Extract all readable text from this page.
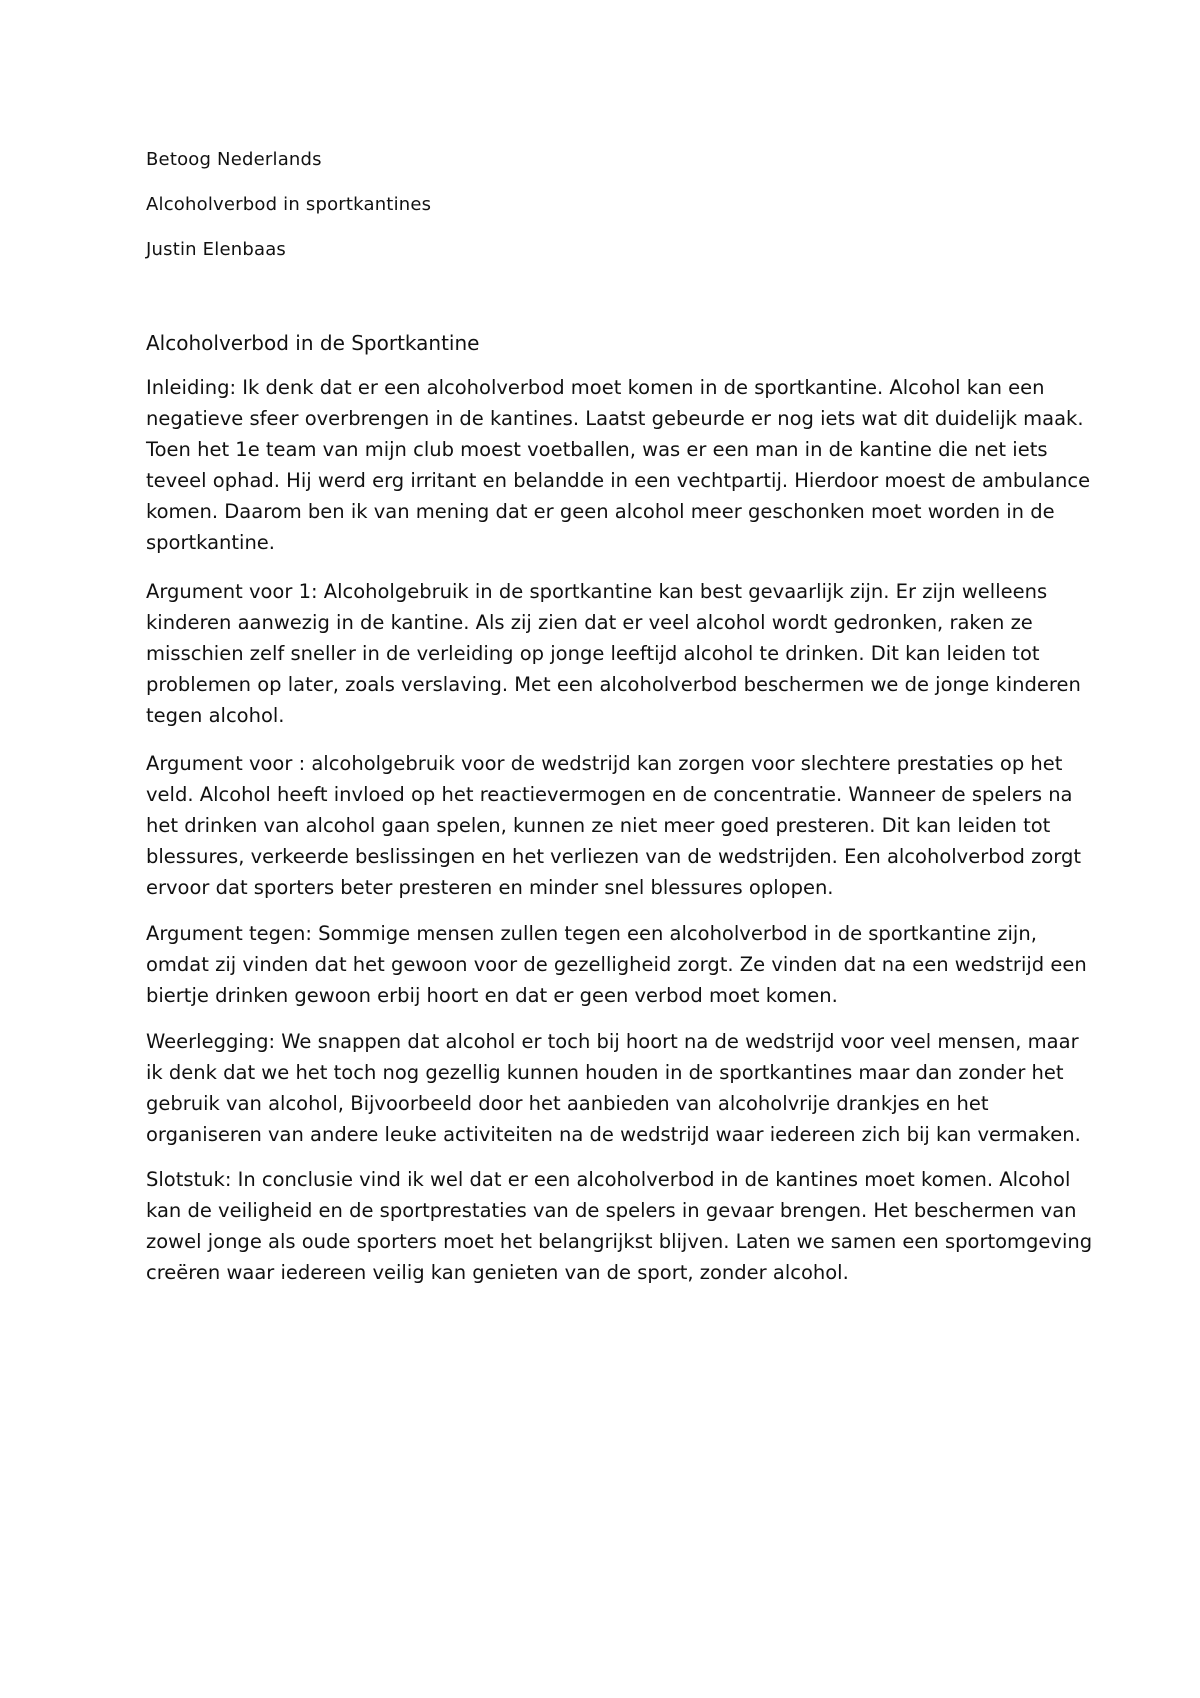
Betoog Nederlands
Alcoholverbod in sportkantines
Justin Elenbaas
Alcoholverbod in de Sportkantine
Inleiding: Ik denk dat er een alcoholverbod moet komen in de sportkantine. Alcohol kan een
negatieve sfeer overbrengen in de kantines. Laatst gebeurde er nog iets wat dit duidelijk maak.
Toen het 1e team van mijn club moest voetballen, was er een man in de kantine die net iets
teveel ophad. Hij werd erg irritant en belandde in een vechtpartij. Hierdoor moest de ambulance
komen. Daarom ben ik van mening dat er geen alcohol meer geschonken moet worden in de
sportkantine.
Argument voor 1: Alcoholgebruik in de sportkantine kan best gevaarlijk zijn. Er zijn welleens
kinderen aanwezig in de kantine. Als zij zien dat er veel alcohol wordt gedronken, raken ze
misschien zelf sneller in de verleiding op jonge leeftijd alcohol te drinken. Dit kan leiden tot
problemen op later, zoals verslaving. Met een alcoholverbod beschermen we de jonge kinderen
tegen alcohol.
Argument voor : alcoholgebruik voor de wedstrijd kan zorgen voor slechtere prestaties op het
veld. Alcohol heeft invloed op het reactievermogen en de concentratie. Wanneer de spelers na
het drinken van alcohol gaan spelen, kunnen ze niet meer goed presteren. Dit kan leiden tot
blessures, verkeerde beslissingen en het verliezen van de wedstrijden. Een alcoholverbod zorgt
ervoor dat sporters beter presteren en minder snel blessures oplopen.
Argument tegen: Sommige mensen zullen tegen een alcoholverbod in de sportkantine zijn,
omdat zij vinden dat het gewoon voor de gezelligheid zorgt. Ze vinden dat na een wedstrijd een
biertje drinken gewoon erbij hoort en dat er geen verbod moet komen.
Weerlegging: We snappen dat alcohol er toch bij hoort na de wedstrijd voor veel mensen, maar
ik denk dat we het toch nog gezellig kunnen houden in de sportkantines maar dan zonder het
gebruik van alcohol, Bijvoorbeeld door het aanbieden van alcoholvrije drankjes en het
organiseren van andere leuke activiteiten na de wedstrijd waar iedereen zich bij kan vermaken.
Slotstuk: In conclusie vind ik wel dat er een alcoholverbod in de kantines moet komen. Alcohol
kan de veiligheid en de sportprestaties van de spelers in gevaar brengen. Het beschermen van
zowel jonge als oude sporters moet het belangrijkst blijven. Laten we samen een sportomgeving
creëren waar iedereen veilig kan genieten van de sport, zonder alcohol.
